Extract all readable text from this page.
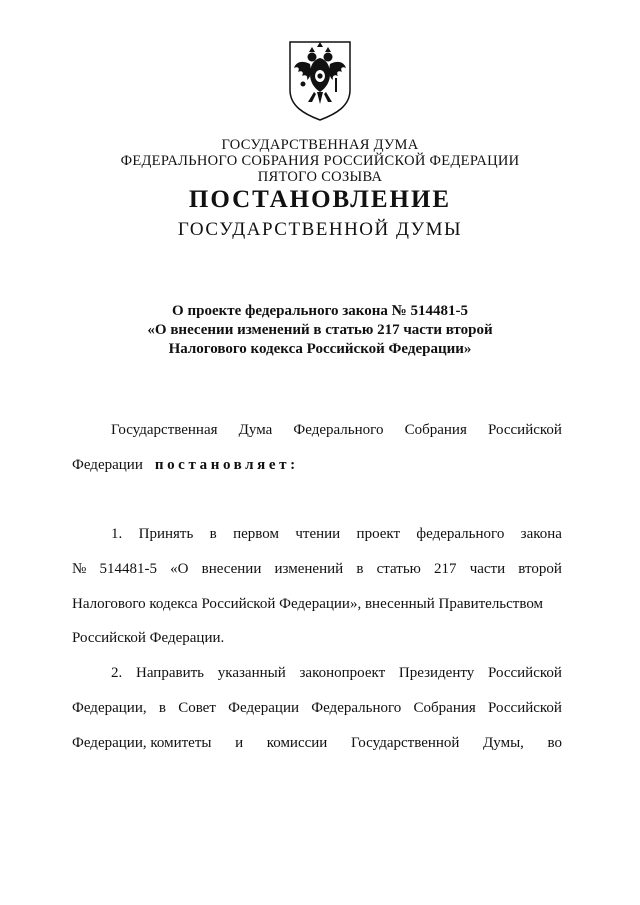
ГОСУДАРСТВЕННАЯ ДУМА
ФЕДЕРАЛЬНОГО СОБРАНИЯ РОССИЙСКОЙ ФЕДЕРАЦИИ
ПЯТОГО СОЗЫВА
ПОСТАНОВЛЕНИЕ
ГОСУДАРСТВЕННОЙ ДУМЫ
О проекте федерального закона № 514481-5
«О внесении изменений в статью 217 части второй
Налогового кодекса Российской Федерации»
Государственная Дума Федерального Собрания Российской
Федерации постановляет:
1. Принять в первом чтении проект федерального закона
№ 514481-5 «О внесении изменений в статью 217 части второй
Налогового кодекса Российской Федерации», внесенный Правительством
Российской Федерации.
2. Направить указанный законопроект Президенту Российской
Федерации, в Совет Федерации Федерального Собрания Российской
Федерации, комитеты и комиссии Государственной Думы, во
